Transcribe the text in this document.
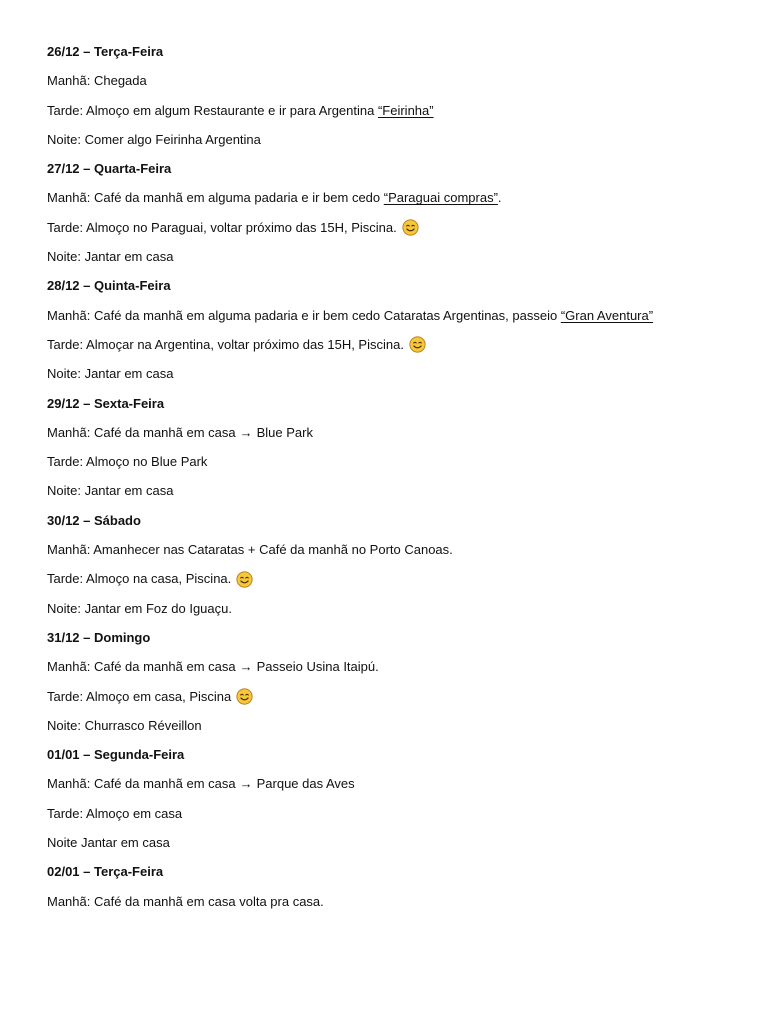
26/12 – Terça-Feira
Manhã: Chegada
Tarde: Almoço em algum Restaurante e ir para Argentina “Feirinha”
Noite: Comer algo Feirinha Argentina
27/12 – Quarta-Feira
Manhã: Café da manhã em alguma padaria e ir bem cedo “Paraguai compras” .
Tarde: Almoço no Paraguai, voltar próximo das 15H, Piscina.
Noite: Jantar em casa
28/12 – Quinta-Feira
Manhã: Café da manhã em alguma padaria e ir bem cedo Cataratas Argentinas, passeio “Gran Aventura”
Tarde: Almoçar na Argentina, voltar próximo das 15H, Piscina.
Noite: Jantar em casa
29/12 – Sexta-Feira
Manhã: Café da manhã em casa → Blue Park
Tarde: Almoço no Blue Park
Noite: Jantar em casa
30/12 – Sábado
Manhã: Amanhecer nas Cataratas + Café da manhã no Porto Canoas.
Tarde: Almoço na casa, Piscina.
Noite: Jantar em Foz do Iguaçu.
31/12 – Domingo
Manhã: Café da manhã em casa → Passeio Usina Itaipú.
Tarde: Almoço em casa, Piscina
Noite: Churrasco Réveillon
01/01 – Segunda-Feira
Manhã: Café da manhã em casa → Parque das Aves
Tarde: Almoço em casa
Noite Jantar em casa
02/01 – Terça-Feira
Manhã: Café da manhã em casa volta pra casa.
